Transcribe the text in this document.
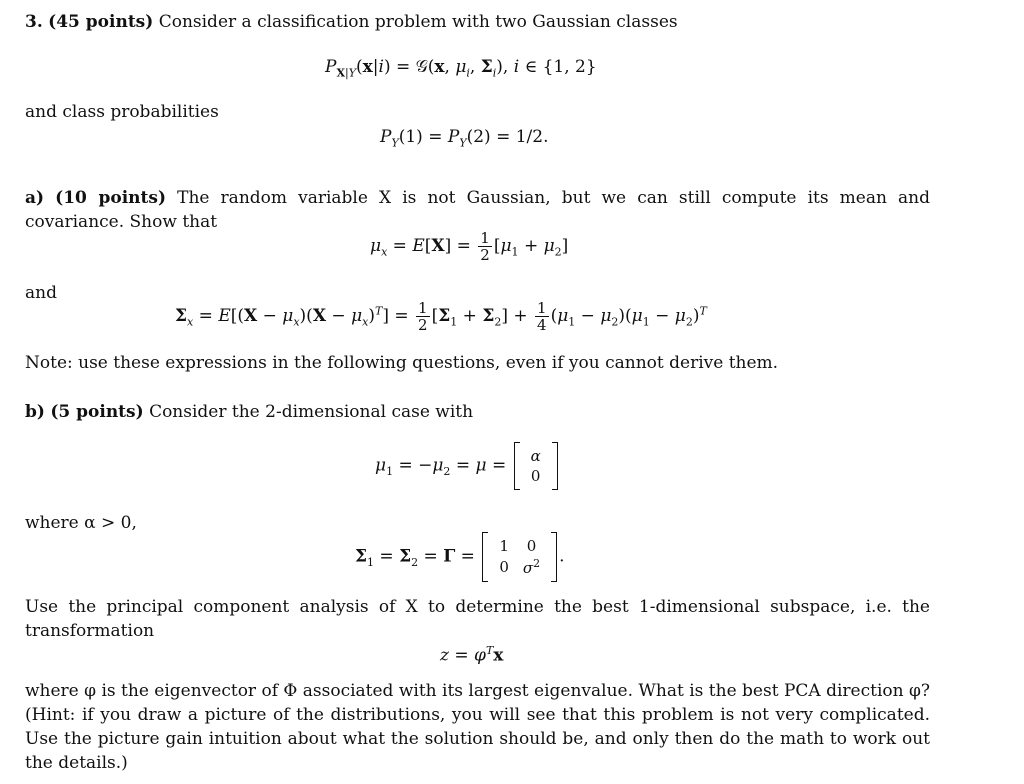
3. (45 points) Consider a classification problem with two Gaussian classes
$P_{X|Y}(x|i)$ = 𝒢(x, $\mu_i$, $\Sigma_i$), i ∈ {1, 2}
and class probabilities
$P_Y(1) = P_Y(2) = 1/2$.
a) (10 points) The random variable X is not Gaussian, but we can still compute its mean and covariance. Show that
$\mu_x = E[X] = \frac{1}{2} [\mu_1 + \mu_2]$
and
$\Sigma_x = E[(X - \mu_x)(X - \mu_x)^T] = \frac{1}{2} [\Sigma_1 + \Sigma_2] + \frac{1}{4} (\mu_1 - \mu_2)(\mu_1 - \mu_2)^T$
Note: use these expressions in the following questions, even if you cannot derive them.
b) (5 points) Consider the 2-dimensional case with
$\mu_1 = -\mu_2 = \mu = \alpha$
0
where α > 0,
$\Sigma_1 = \Sigma_2 = \Gamma$ =
1	0
0	$\sigma^2$ .
Use the principal component analysis of X to determine the best 1-dimensional subspace, i.e. the transformation
$z = \varphi^Tx$
where φ is the eigenvector of Φ associated with its largest eigenvalue. What is the best PCA direction φ? (Hint: if you draw a picture of the distributions, you will see that this problem is not very complicated. Use the picture gain intuition about what the solution should be, and only then do the math to work out the details.)
